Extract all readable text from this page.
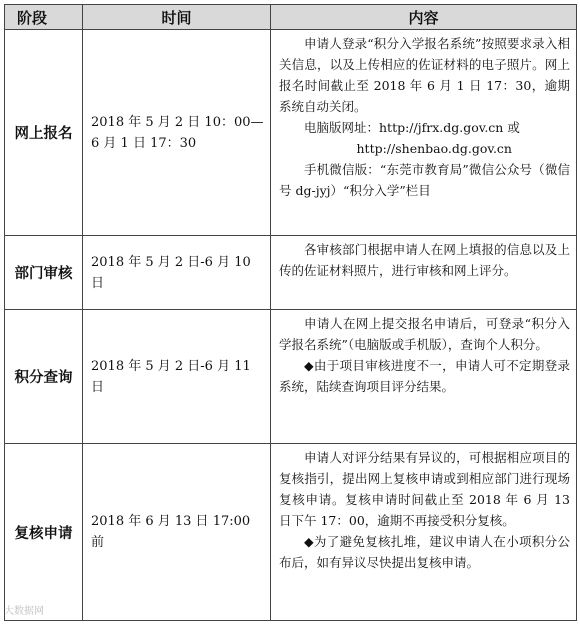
阶段	时间	内容
网上报名	2018 年 5 月 2 日 10：00—6 月 1 日 17：30	申请人登录“积分入学报名系统”按照要求录入相关信息，以及上传相应的佐证材料的电子照片。网上报名时间截止至 2018 年 6 月 1 日 17：30，逾期系统自动关闭。

电脑版网址：http://jfrx.dg.gov.cn 或

http://shenbao.dg.gov.cn

手机微信版：“东莞市教育局”微信公众号（微信号 dg-jyj）“积分入学”栏目

部门审核	2018 年 5 月 2 日-6 月 10 日	各审核部门根据申请人在网上填报的信息以及上传的佐证材料照片，进行审核和网上评分。

积分查询	2018 年 5 月 2 日-6 月 11 日	申请人在网上提交报名申请后，可登录“积分入学报名系统”（电脑版或手机版），查询个人积分。

◆由于项目审核进度不一，申请人可不定期登录系统，陆续查询项目评分结果。

复核申请	2018 年 6 月 13 日 17:00 前	申请人对评分结果有异议的，可根据相应项目的复核指引，提出网上复核申请或到相应部门进行现场复核申请。复核申请时间截止至 2018 年 6 月 13 日下午 17：00，逾期不再接受积分复核。

◆为了避免复核扎堆，建议申请人在小项积分公布后，如有异议尽快提出复核申请。

大数据网
